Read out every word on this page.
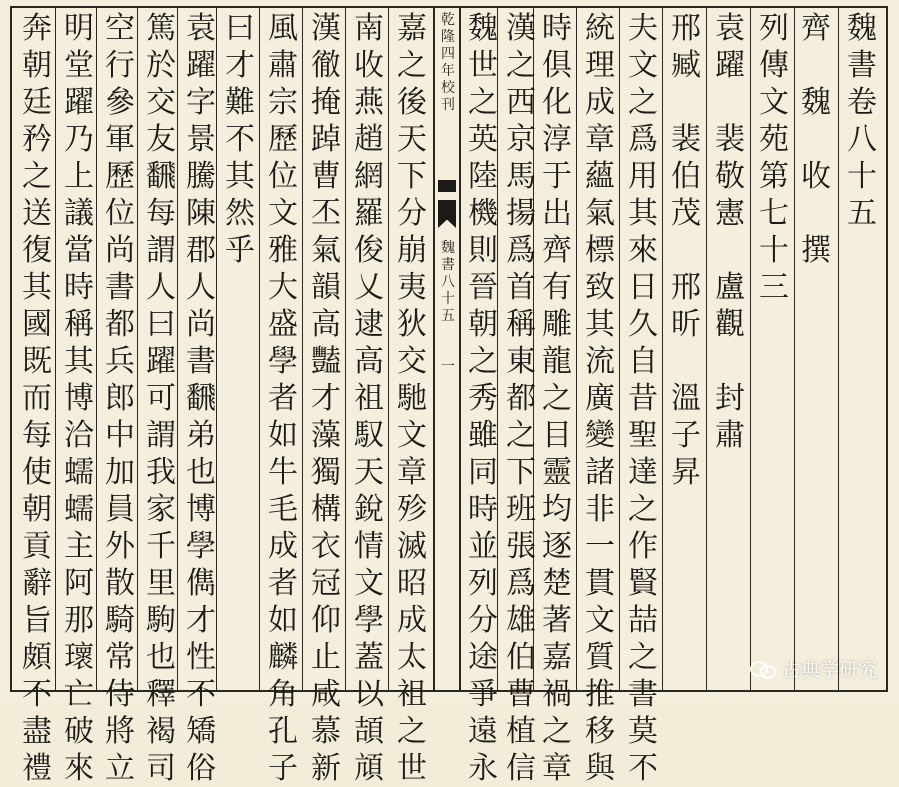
魏
書
卷
八
十
五
齊

魏

收

撰
列
傳
文
苑
第
七
十
三
袁
躍

裴
敬
憲

盧
觀

封
肅
邢
臧

裴
伯
茂

邢
昕

溫
子
昇
夫
文
之
爲
用
其
來
日
久
自
昔
聖
達
之
作
賢
喆
之
書
莫
不
統
理
成
章
蘊
氣
標
致
其
流
廣
變
諸
非
一
貫
文
質
推
移
與
時
俱
化
淳
于
出
齊
有
雕
龍
之
目
靈
均
逐
楚
著
嘉
禍
之
章
漢
之
西
京
馬
揚
爲
首
稱
東
都
之
下
班
張
爲
雄
伯
曹
植
信
魏
世
之
英
陸
機
則
晉
朝
之
秀
雖
同
時
並
列
分
途
爭
遠
永
乾
隆
四
年
校
刊
魏
書
八
十
五

一
嘉
之
後
天
下
分
崩
夷
狄
交
馳
文
章
殄
滅
昭
成
太
祖
之
世
南
收
燕
趙
網
羅
俊
乂
逮
高
祖
馭
天
銳
情
文
學
蓋
以
頡
頏
漢
徹
掩
踔
曹
丕
氣
韻
高
豔
才
藻
獨
構
衣
冠
仰
止
咸
慕
新
風
肅
宗
歷
位
文
雅
大
盛
學
者
如
牛
毛
成
者
如
麟
角
孔
子
曰
才
難
不
其
然
乎
袁
躍
字
景
騰
陳
郡
人
尚
書
飜
弟
也
博
學
儁
才
性
不
矯
俗
篤
於
交
友
飜
每
謂
人
曰
躍
可
謂
我
家
千
里
駒
也
釋
褐
司
空
行
參
軍
歷
位
尚
書
都
兵
郎
中
加
員
外
散
騎
常
侍
將
立
明
堂
躍
乃
上
議
當
時
稱
其
博
洽
蠕
蠕
主
阿
那
瓌
亡
破
來
奔
朝
廷
矜
之
送
復
其
國
既
而
每
使
朝
貢
辭
旨
頗
不
盡
禮
古典学研究
